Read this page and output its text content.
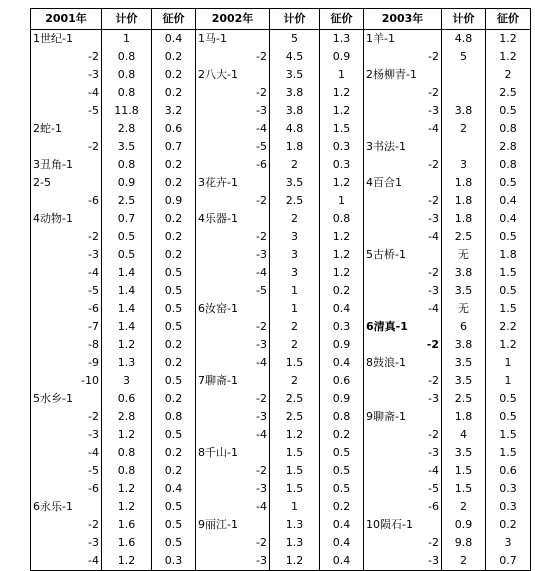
2001年	计价	征价	2002年	计价	征价	2003年	计价	征价
1世纪-1	1	0.4	1马-1	5	1.3	1羊-1	4.8	1.2
-2	0.8	0.2	-2	4.5	0.9	-2	5	1.2
-3	0.8	0.2	2八大-1	3.5	1	2杨柳青-1		2
-4	0.8	0.2	-2	3.8	1.2	-2		2.5
-5	11.8	3.2	-3	3.8	1.2	-3	3.8	0.5
2蛇-1	2.8	0.6	-4	4.8	1.5	-4	2	0.8
-2	3.5	0.7	-5	1.8	0.3	3书法-1		2.8
3丑角-1	0.8	0.2	-6	2	0.3	-2	3	0.8
2-5	0.9	0.2	3花卉-1	3.5	1.2	4百合1	1.8	0.5
-6	2.5	0.9	-2	2.5	1	-2	1.8	0.4
4动物-1	0.7	0.2	4乐器-1	2	0.8	-3	1.8	0.4
-2	0.5	0.2	-2	3	1.2	-4	2.5	0.5
-3	0.5	0.2	-3	3	1.2	5古桥-1	无	1.8
-4	1.4	0.5	-4	3	1.2	-2	3.8	1.5
-5	1.4	0.5	-5	1	0.2	-3	3.5	0.5
-6	1.4	0.5	6汝窑-1	1	0.4	-4	无	1.5
-7	1.4	0.5	-2	2	0.3	6清真-1	6	2.2
-8	1.2	0.2	-3	2	0.9	-2	3.8	1.2
-9	1.3	0.2	-4	1.5	0.4	8鼓浪-1	3.5	1
-10	3	0.5	7聊斋-1	2	0.6	-2	3.5	1
5水乡-1	0.6	0.2	-2	2.5	0.9	-3	2.5	0.5
-2	2.8	0.8	-3	2.5	0.8	9聊斋-1	1.8	0.5
-3	1.2	0.5	-4	1.2	0.2	-2	4	1.5
-4	0.8	0.2	8千山-1	1.5	0.5	-3	3.5	1.5
-5	0.8	0.2	-2	1.5	0.5	-4	1.5	0.6
-6	1.2	0.4	-3	1.5	0.5	-5	1.5	0.3
6永乐-1	1.2	0.5	-4	1	0.2	-6	2	0.3
-2	1.6	0.5	9丽江-1	1.3	0.4	10陨石-1	0.9	0.2
-3	1.6	0.5	-2	1.3	0.4	-2	9.8	3
-4	1.2	0.3	-3	1.2	0.4	-3	2	0.7
